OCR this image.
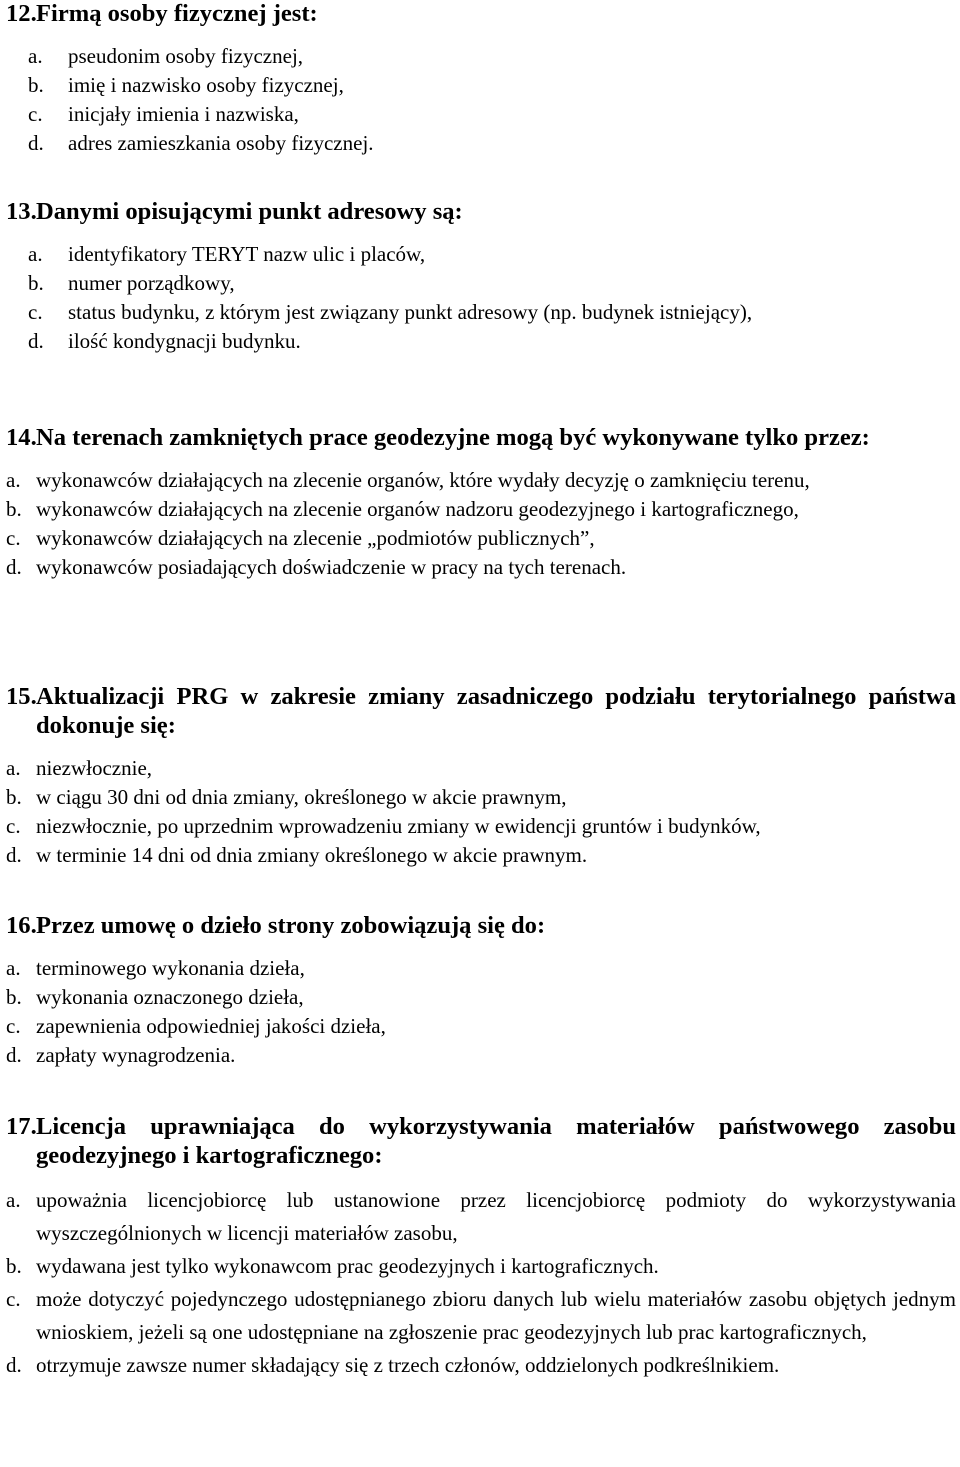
12. Firmą osoby fizycznej jest:
a.	pseudonim osoby fizycznej,
b.	imię i nazwisko osoby fizycznej,
c.	inicjały imienia i nazwiska,
d.	adres zamieszkania osoby fizycznej.
13. Danymi opisującymi punkt adresowy są:
a.	identyfikatory TERYT nazw ulic i placów,
b.	numer porządkowy,
c.	status budynku, z którym jest związany punkt adresowy (np. budynek istniejący),
d.	ilość kondygnacji budynku.
14. Na terenach zamkniętych prace geodezyjne mogą być wykonywane tylko przez:
a. wykonawców działających na zlecenie organów, które wydały decyzję o zamknięciu terenu,
b. wykonawców działających na zlecenie organów nadzoru geodezyjnego i kartograficznego,
c. wykonawców działających na zlecenie „podmiotów publicznych”,
d. wykonawców posiadających doświadczenie w pracy na tych terenach.
15. Aktualizacji PRG w zakresie zmiany zasadniczego podziału terytorialnego państwa dokonuje się:
a. niezwłocznie,
b. w ciągu 30 dni od dnia zmiany, określonego w akcie prawnym,
c. niezwłocznie, po uprzednim wprowadzeniu zmiany w ewidencji gruntów i budynków,
d. w terminie 14 dni od dnia zmiany określonego w akcie prawnym.
16. Przez umowę o dzieło strony zobowiązują się do:
a. terminowego wykonania dzieła,
b. wykonania oznaczonego dzieła,
c. zapewnienia odpowiedniej jakości dzieła,
d. zapłaty wynagrodzenia.
17. Licencja uprawniająca do wykorzystywania materiałów państwowego zasobu geodezyjnego i kartograficznego:
a. upoważnia licencjobiorcę lub ustanowione przez licencjobiorcę podmioty do wykorzystywania wyszczególnionych w licencji materiałów zasobu,
b. wydawana jest tylko wykonawcom prac geodezyjnych i kartograficznych.
c. może dotyczyć pojedynczego udostępnianego zbioru danych lub wielu materiałów zasobu objętych jednym wnioskiem, jeżeli są one udostępniane na zgłoszenie prac geodezyjnych lub prac kartograficznych,
d. otrzymuje zawsze numer składający się z trzech członów, oddzielonych podkreślnikiem.
